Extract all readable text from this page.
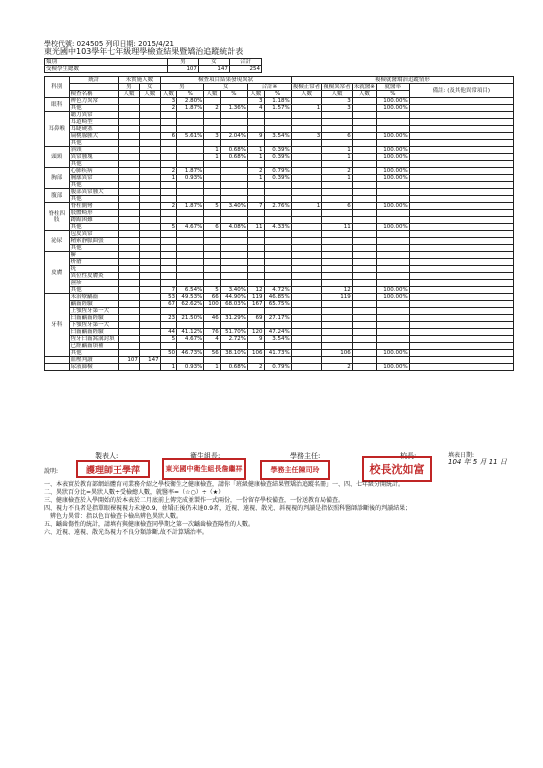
學校代號: 024505 列印日期: 2015/4/21
東光國中103學年七年級理學檢查結果暨矯治追蹤統計表
類別	男	女	合計
受檢學生總數	107	147	254
科別	統計	未實施人數		檢查項目結果發現異狀						複檢就醫矯治追蹤情形				
		男	女	男		女		合計※		複檢正常者	複檢異常者	未就醫※	就醫率	備註: (及其他異常項目)
	檢查名稱	人數	人數	人數	%	人數	%	人數	%	人數	人數	人數	%	
眼科	辨色力異常			3	2.80%			3	1.18%		3		100.00%	
	其他			2	1.87%	2	1.36%	4	1.57%	1	3		100.00%	
耳鼻喉	聽力異常													
	耳道畸型													
	耳睫硬塞													
	扁桃腺腫大			6	5.61%	3	2.04%	9	3.54%	3	6		100.00%	
	其他													
頭頸	斜頸					1	0.68%	1	0.39%		1		100.00%	
	異常腫塊					1	0.68%	1	0.39%		1		100.00%	
	其他													
胸部	心肺疾病			2	1.87%			2	0.79%		2		100.00%	
	胸廓異常			1	0.93%			1	0.39%		1		100.00%	
	其他													
腹部	腹部異常腫大													
	其他													
脊柱四肢	脊柱側彎			2	1.87%	5	3.40%	7	2.76%	1	6		100.00%	
	肢體畸形													
	蹲踞困難													
	其他			5	4.67%	6	4.08%	11	4.33%		11		100.00%	
泌尿	包皮異常													
	精索靜脈曲張													
	其他													
皮膚	癬													
	疥瘡													
	疣													
	異位性皮膚炎													
	濕疹													
	其他			7	6.54%	5	3.40%	12	4.72%		12		100.00%	
牙科	未治療齲齒			53	49.53%	66	44.90%	119	46.85%		119		100.00%	
	齲齒經驗			67	62.62%	100	68.03%	167	65.75%					
	上顎恆牙第一大													
	臼齒齲齒經驗			23	21.50%	46	31.29%	69	27.17%					
	下顎恆牙第一大													
	臼齒齲齒經驗			44	41.12%	76	51.70%	120	47.24%					
	恆牙臼齒窩溝封填			5	4.67%	4	2.72%	9	3.54%					
	已經齲齒填補													
	其他			50	46.73%	56	38.10%	106	41.73%		106		100.00%	
	血壓判讀	107	147											
	尿液篩檢			1	0.93%	1	0.68%	2	0.79%		2		100.00%	
製表人:	衛生組長:	學務主任:	校長:	填表日期:
104 年 5 月 11 日
護理師王學萍	東光國中衛生組長詹繼祥	學務主任陳司玲	校長沈如富
說明:
一、本表實於教育部網站體育司業務介紹之學校衛生之健康檢查，請你「班級健康檢查結果暨矯治追蹤名冊」一、四、七年級分開統計。
二、異狀百分比=異狀人數÷受檢總人數，就醫率=（☆○）÷（★）
三、健康檢查於入學開始的於本表於二月底前上傳完成並製作一式兩份，一份留存學校備查，一份送教育局備查。
四、視力不良者是指單眼裸視視力未達0.9，並矯正後仍未達0.9者，近視、遠視、散光、斜視視的判讀是指依照科醫師診斷後的判讀結果；
　辨色力異常：指以色盲檢查卡檢出辨色異狀人數。
五、齲齒傷性的統計，請填有與健康檢查同學期之第一次齲齒檢查陽性的人數。
六、近視、遠視、散光為視力不良分類診斷,故不計算矯治率。
